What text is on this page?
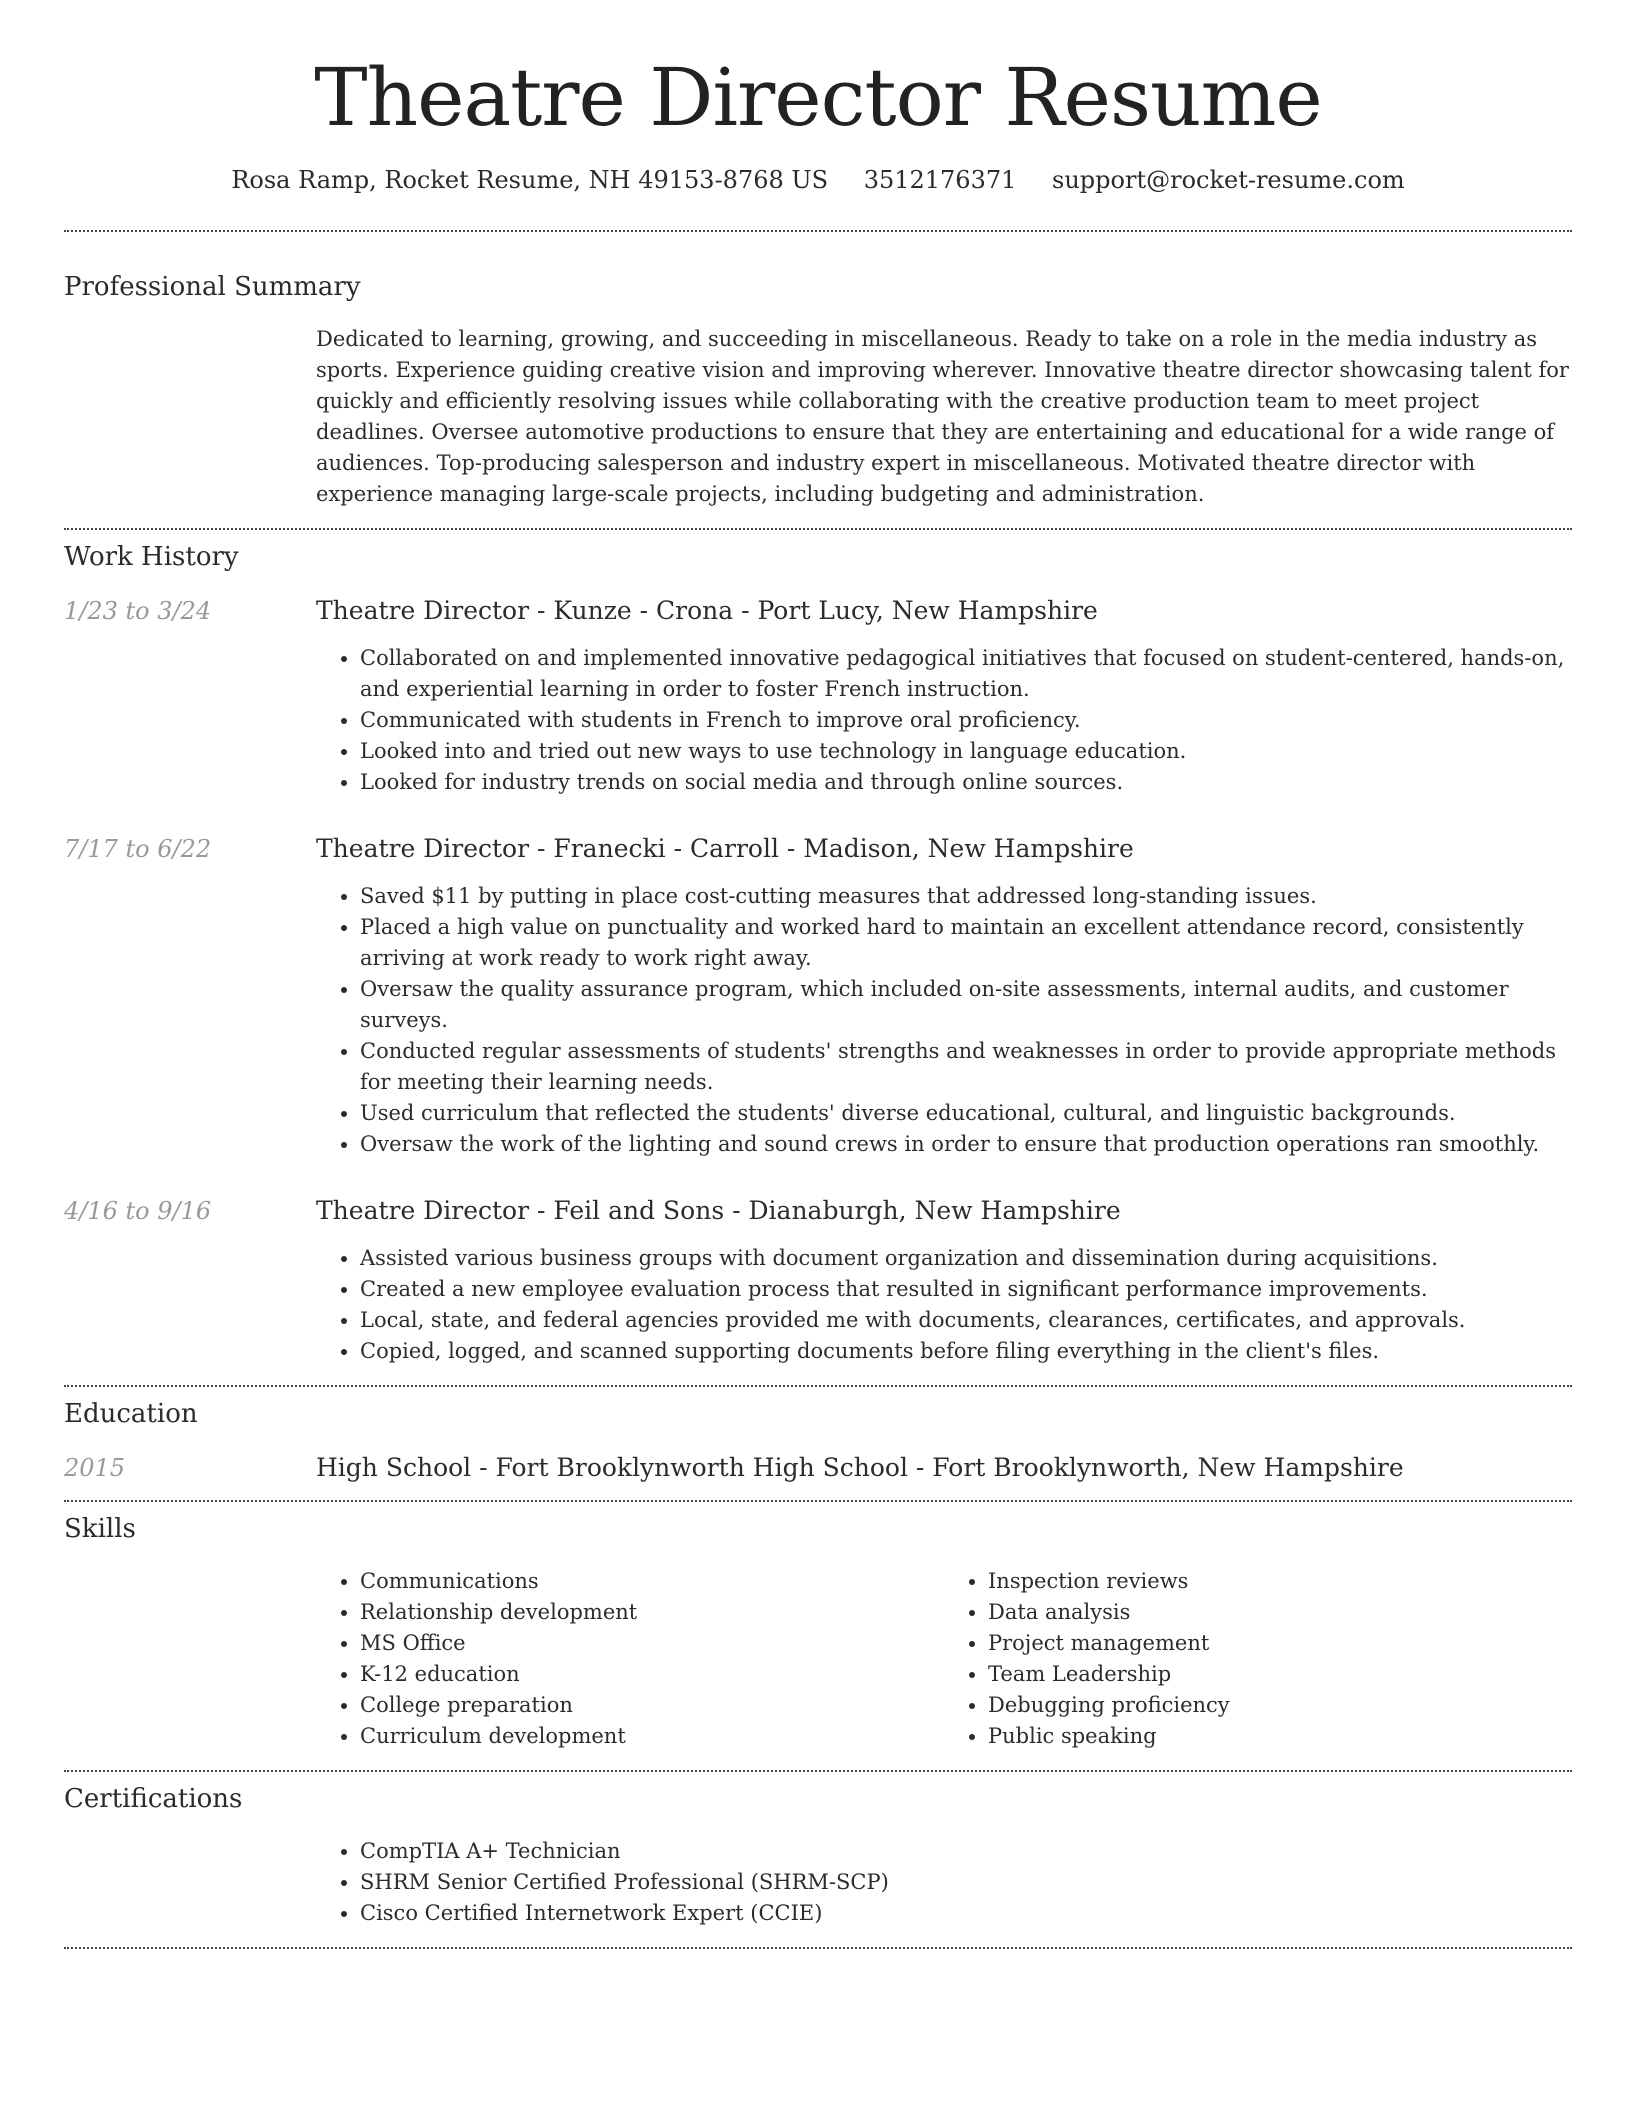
Theatre Director Resume
Rosa Ramp, Rocket Resume, NH 49153-8768 US 3512176371 support@rocket-resume.com
Professional Summary
Dedicated to learning, growing, and succeeding in miscellaneous. Ready to take on a role in the media industry as sports. Experience guiding creative vision and improving wherever. Innovative theatre director showcasing talent for quickly and efficiently resolving issues while collaborating with the creative production team to meet project deadlines. Oversee automotive productions to ensure that they are entertaining and educational for a wide range of audiences. Top-producing salesperson and industry expert in miscellaneous. Motivated theatre director with experience managing large-scale projects, including budgeting and administration.
Work History
1/23 to 3/24	Theatre Director - Kunze - Crona - Port Lucy, New Hampshire
• Collaborated on and implemented innovative pedagogical initiatives that focused on student-centered, hands-on, and experiential learning in order to foster French instruction.
• Communicated with students in French to improve oral proficiency.
• Looked into and tried out new ways to use technology in language education.
• Looked for industry trends on social media and through online sources.
7/17 to 6/22	Theatre Director - Franecki - Carroll - Madison, New Hampshire
• Saved $11 by putting in place cost-cutting measures that addressed long-standing issues.
• Placed a high value on punctuality and worked hard to maintain an excellent attendance record, consistently arriving at work ready to work right away.
• Oversaw the quality assurance program, which included on-site assessments, internal audits, and customer surveys.
• Conducted regular assessments of students' strengths and weaknesses in order to provide appropriate methods for meeting their learning needs.
• Used curriculum that reflected the students' diverse educational, cultural, and linguistic backgrounds.
• Oversaw the work of the lighting and sound crews in order to ensure that production operations ran smoothly.
4/16 to 9/16	Theatre Director - Feil and Sons - Dianaburgh, New Hampshire
• Assisted various business groups with document organization and dissemination during acquisitions.
• Created a new employee evaluation process that resulted in significant performance improvements.
• Local, state, and federal agencies provided me with documents, clearances, certificates, and approvals.
• Copied, logged, and scanned supporting documents before filing everything in the client's files.
Education
2015	High School - Fort Brooklynworth High School - Fort Brooklynworth, New Hampshire
Skills
• Communications
• Relationship development
• MS Office
• K-12 education
• College preparation
• Curriculum development
• Inspection reviews
• Data analysis
• Project management
• Team Leadership
• Debugging proficiency
• Public speaking
Certifications
• CompTIA A+ Technician
• SHRM Senior Certified Professional (SHRM-SCP)
• Cisco Certified Internetwork Expert (CCIE)
